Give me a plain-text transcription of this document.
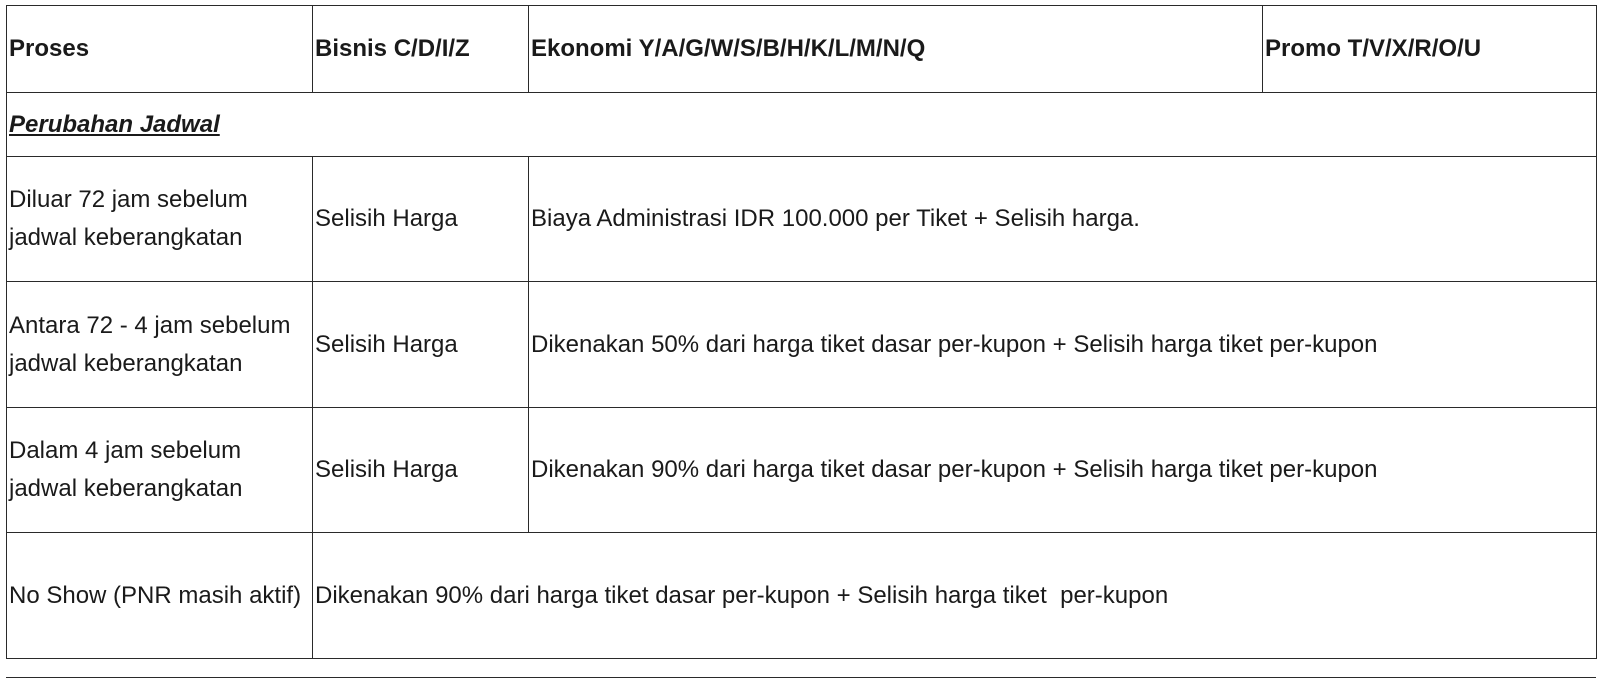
Proses	Bisnis C/D/I/Z	Ekonomi Y/A/G/W/S/B/H/K/L/M/N/Q	Promo T/V/X/R/O/U
Perubahan Jadwal			
Diluar 72 jam sebelum jadwal keberangkatan	Selisih Harga	Biaya Administrasi IDR 100.000 per Tiket + Selisih harga.	
Antara 72 - 4 jam sebelum jadwal keberangkatan	Selisih Harga	Dikenakan 50% dari harga tiket dasar per-kupon + Selisih harga tiket per-kupon	
Dalam 4 jam sebelum jadwal keberangkatan	Selisih Harga	Dikenakan 90% dari harga tiket dasar per-kupon + Selisih harga tiket per-kupon	
No Show (PNR masih aktif)	Dikenakan 90% dari harga tiket dasar per-kupon + Selisih harga tiket  per-kupon		
